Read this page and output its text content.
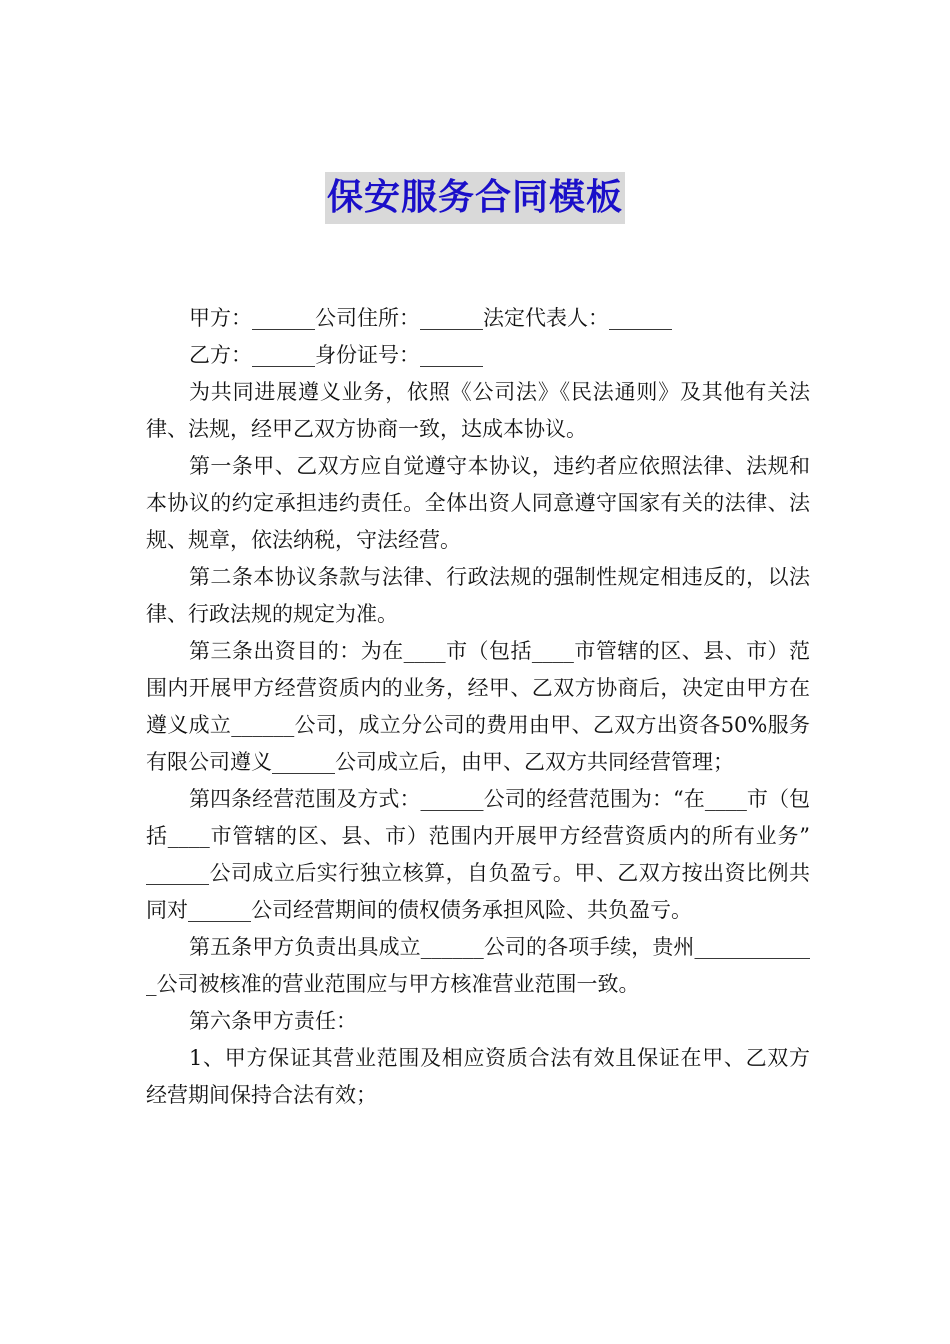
保安服务合同模板

甲方：______公司住所：______法定代表人：______

乙方：______身份证号：______

为共同进展遵义业务，依照《公司法》《民法通则》及其他有关法律、法规，经甲乙双方协商一致，达成本协议。

第一条甲、乙双方应自觉遵守本协议，违约者应依照法律、法规和本协议的约定承担违约责任。全体出资人同意遵守国家有关的法律、法规、规章，依法纳税，守法经营。

第二条本协议条款与法律、行政法规的强制性规定相违反的，以法律、行政法规的规定为准。

第三条出资目的：为在____市（包括____市管辖的区、县、市）范围内开展甲方经营资质内的业务，经甲、乙双方协商后，决定由甲方在遵义成立______公司，成立分公司的费用由甲、乙双方出资各50%服务有限公司遵义______公司成立后，由甲、乙双方共同经营管理；

第四条经营范围及方式：______公司的经营范围为：“在____市（包括____市管辖的区、县、市）范围内开展甲方经营资质内的所有业务”　　 ______公司成立后实行独立核算，自负盈亏。甲、乙双方按出资比例共同对______公司经营期间的债权债务承担风险、共负盈亏。

第五条甲方负责出具成立______公司的各项手续，贵州____________公司被核准的营业范围应与甲方核准营业范围一致。

第六条甲方责任：

1、甲方保证其营业范围及相应资质合法有效且保证在甲、乙双方经营期间保持合法有效；
